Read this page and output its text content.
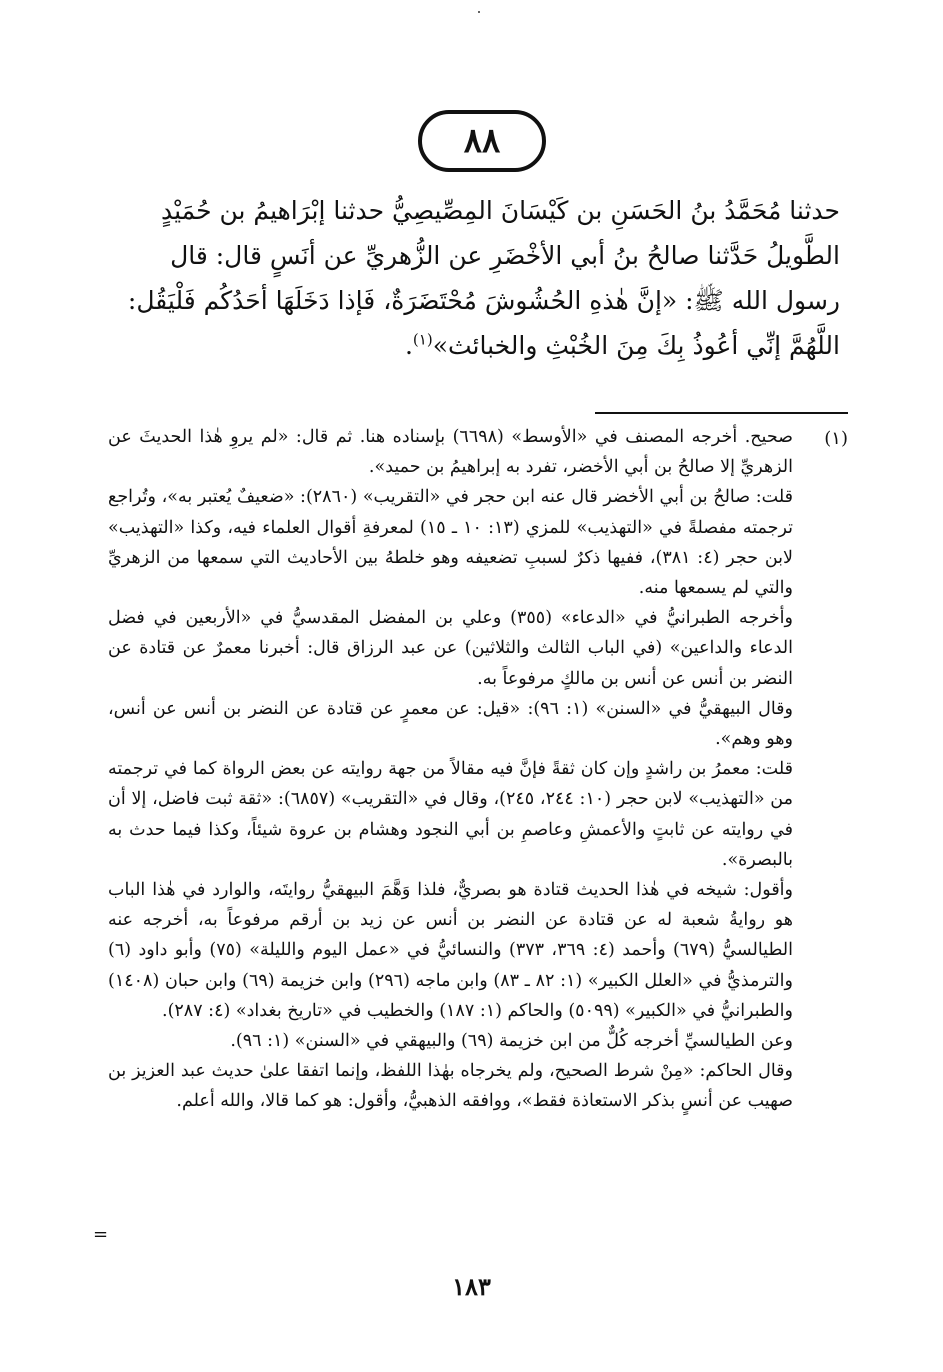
٨٨

حدثنا مُحَمَّدُ بنُ الحَسَنِ بن كَيْسَانَ المِصِّيصِيُّ حدثنا إبْرَاهيمُ بن حُمَيْدٍ

الطَّويلُ حَدَّثنا صالحُ بنُ أبي الأخْضَرِ عن الزُّهريِّ عن أنَسٍ قال: قال

رسول الله ﷺ: «إنَّ هٰذهِ الحُشُوشَ مُحْتَضَرَةٌ، فَإذا دَخَلَهَا أحَدُكُم فَلْيَقُل:

اللَّهُمَّ إنِّي أعُوذُ بِكَ مِنَ الخُبْثِ والخبائث»$^{(١)}$.

(١)

صحيح. أخرجه المصنف في «الأوسط» (٦٦٩٨) بإسناده هنا. ثم قال: «لم يروِ هٰذا الحديثَ عن الزهريِّ إلا صالحُ بن أبي الأخضر، تفرد به إبراهيمُ بن حميد».

قلت: صالحُ بن أبي الأخضر قال عنه ابن حجر في «التقريب» (٢٨٦٠): «ضعيفٌ يُعتبر به»، وتُراجع ترجمته مفصلةً في «التهذيب» للمزي (١٣: ١٠ ـ ١٥) لمعرفةِ أقوال العلماء فيه، وكذا «التهذيب» لابن حجر (٤: ٣٨١)، ففيها ذكرٌ لسببِ تضعيفه وهو خلطهُ بين الأحاديث التي سمعها من الزهريِّ والتي لم يسمعها منه.

وأخرجه الطبرانيُّ في «الدعاء» (٣٥٥) وعلي بن المفضل المقدسيُّ في «الأربعين في فضل الدعاء والداعين» (في الباب الثالث والثلاثين) عن عبد الرزاق قال: أخبرنا معمرٌ عن قتادة عن النضر بن أنس عن أنس بن مالكٍ مرفوعاً به.

وقال البيهقيُّ في «السنن» (١: ٩٦): «قيل: عن معمرٍ عن قتادة عن النضر بن أنس عن أنس، وهو وهم».

قلت: معمرُ بن راشدٍ وإن كان ثقةً فإنَّ فيه مقالاً من جهة روايته عن بعض الرواة كما في ترجمته من «التهذيب» لابن حجر (١٠: ٢٤٤، ٢٤٥)، وقال في «التقريب» (٦٨٥٧): «ثقة ثبت فاضل، إلا أن في روايته عن ثابتٍ والأعمشِ وعاصمِ بن أبي النجود وهشام بن عروة شيئاً، وكذا فيما حدث به بالبصرة».

وأقول: شيخه في هٰذا الحديث قتادة هو بصريٌّ، فلذا وَهَّمَ البيهقيُّ روايتَه، والوارد في هٰذا الباب هو روايةُ شعبة له عن قتادة عن النضر بن أنس عن زيد بن أرقم مرفوعاً به، أخرجه عنه الطيالسيُّ (٦٧٩) وأحمد (٤: ٣٦٩، ٣٧٣) والنسائيُّ في «عمل اليوم والليلة» (٧٥) وأبو داود (٦) والترمذيُّ في «العلل الكبير» (١: ٨٢ ـ ٨٣) وابن ماجه (٢٩٦) وابن خزيمة (٦٩) وابن حبان (١٤٠٨) والطبرانيُّ في «الكبير» (٥٠٩٩) والحاكم (١: ١٨٧) والخطيب في «تاريخ بغداد» (٤: ٢٨٧).

وعن الطيالسيِّ أخرجه كُلٌّ من ابن خزيمة (٦٩) والبيهقي في «السنن» (١: ٩٦).

وقال الحاكم: «مِنْ شرط الصحيح، ولم يخرجاه بهٰذا اللفظ، وإنما اتفقا علىٰ حديث عبد العزيز بن صهيب عن أنسٍ بذكر الاستعاذة فقط»، ووافقه الذهبيُّ، وأقول: هو كما قالا، والله أعلم.

=
١٨٣
